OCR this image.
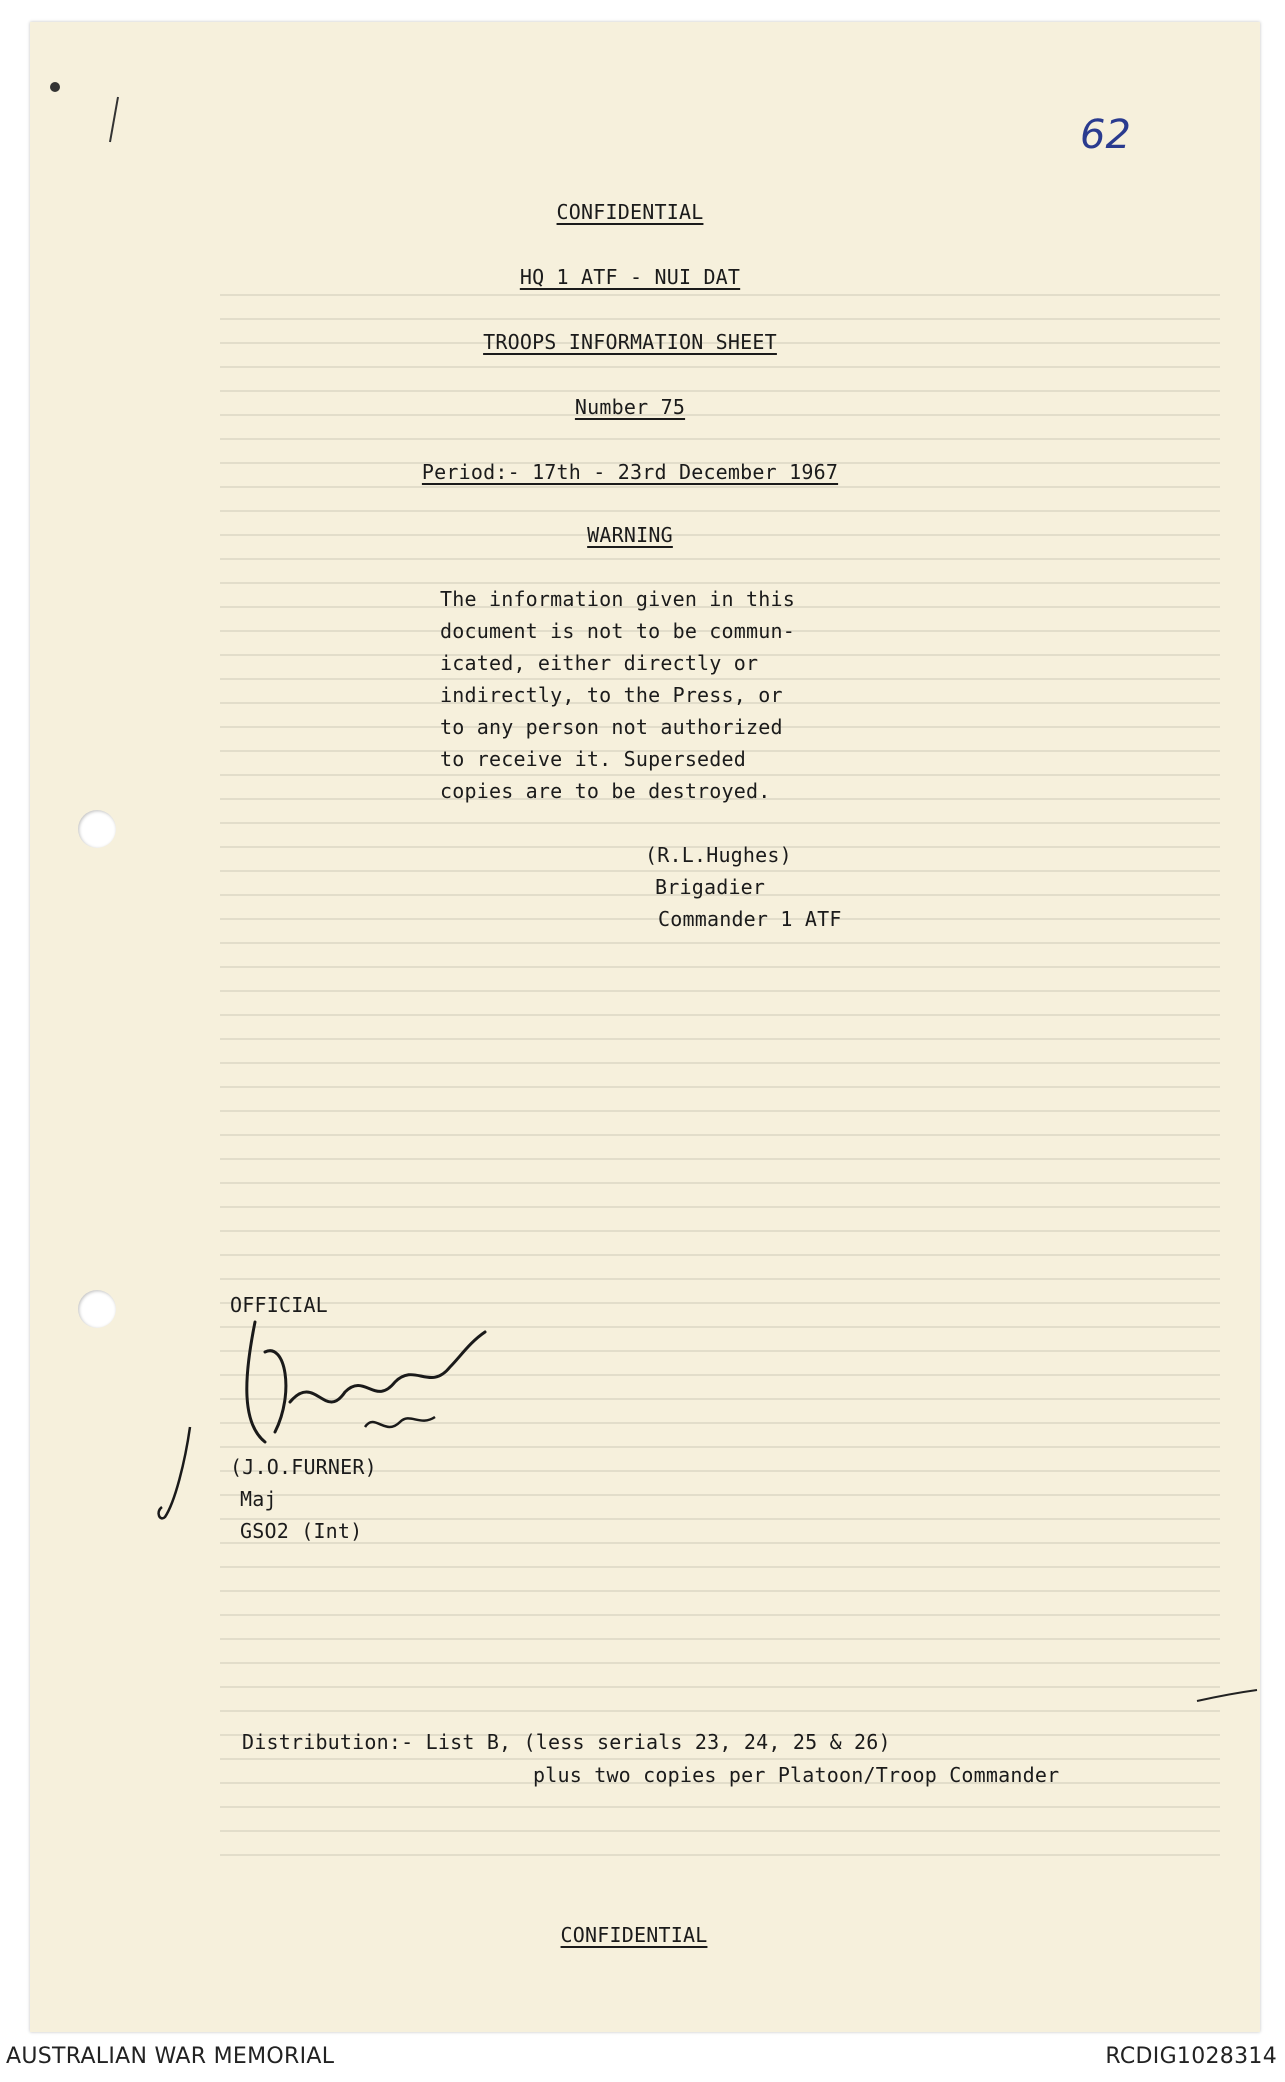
62
CONFIDENTIAL
HQ 1 ATF - NUI DAT
TROOPS INFORMATION SHEET
Number 75
Period:- 17th - 23rd December 1967
WARNING
The information given in this
document is not to be commun-
icated, either directly or
indirectly, to the Press, or
to any person not authorized
to receive it. Superseded
copies are to be destroyed.
(R.L.Hughes)
Brigadier
Commander 1 ATF
OFFICIAL
(J.O.FURNER)
Maj
GSO2 (Int)
Distribution:- List B, (less serials 23, 24, 25 & 26)
plus two copies per Platoon/Troop Commander
CONFIDENTIAL
AUSTRALIAN WAR MEMORIAL	RCDIG1028314
